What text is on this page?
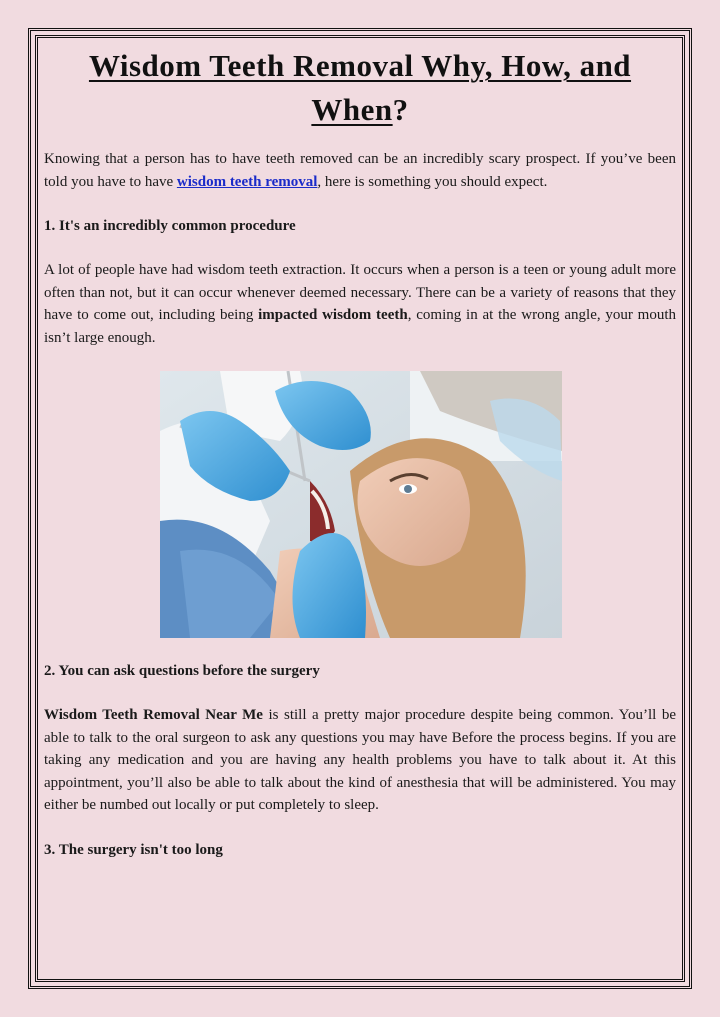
Wisdom Teeth Removal Why, How, and
When?

Knowing that a person has to have teeth removed can be an incredibly scary prospect. If you’ve been told you have to have wisdom teeth removal, here is something you should expect.

1. It's an incredibly common procedure

A lot of people have had wisdom teeth extraction. It occurs when a person is a teen or young adult more often than not, but it can occur whenever deemed necessary. There can be a variety of reasons that they have to come out, including being impacted wisdom teeth, coming in at the wrong angle, your mouth isn’t large enough.

2. You can ask questions before the surgery

Wisdom Teeth Removal Near Me is still a pretty major procedure despite being common. You’ll be able to talk to the oral surgeon to ask any questions you may have Before the process begins. If you are taking any medication and you are having any health problems you have to talk about it. At this appointment, you’ll also be able to talk about the kind of anesthesia that will be administered. You may either be numbed out locally or put completely to sleep.

3. The surgery isn't too long
